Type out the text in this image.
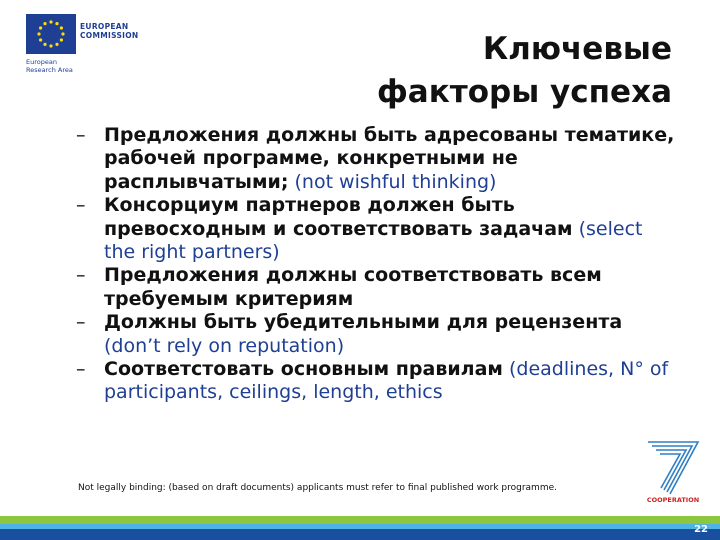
EUROPEAN
COMMISSION
European
Research Area
Ключевые
факторы успеха
– Предложения должны быть адресованы тематике, рабочей программе, конкретными не расплывчатыми; (not wishful thinking)
– Консорциум партнеров должен быть превосходным и соответствовать задачам (select the right partners)
– Предложения должны соответствовать всем требуемым критериям
– Должны быть убедительными для рецензента (don’t rely on reputation)
– Соответстовать основным правилам (deadlines, N° of participants, ceilings, length, ethics
Not legally binding: (based on draft documents) applicants must refer to final published work programme.
COOPERATION
22
